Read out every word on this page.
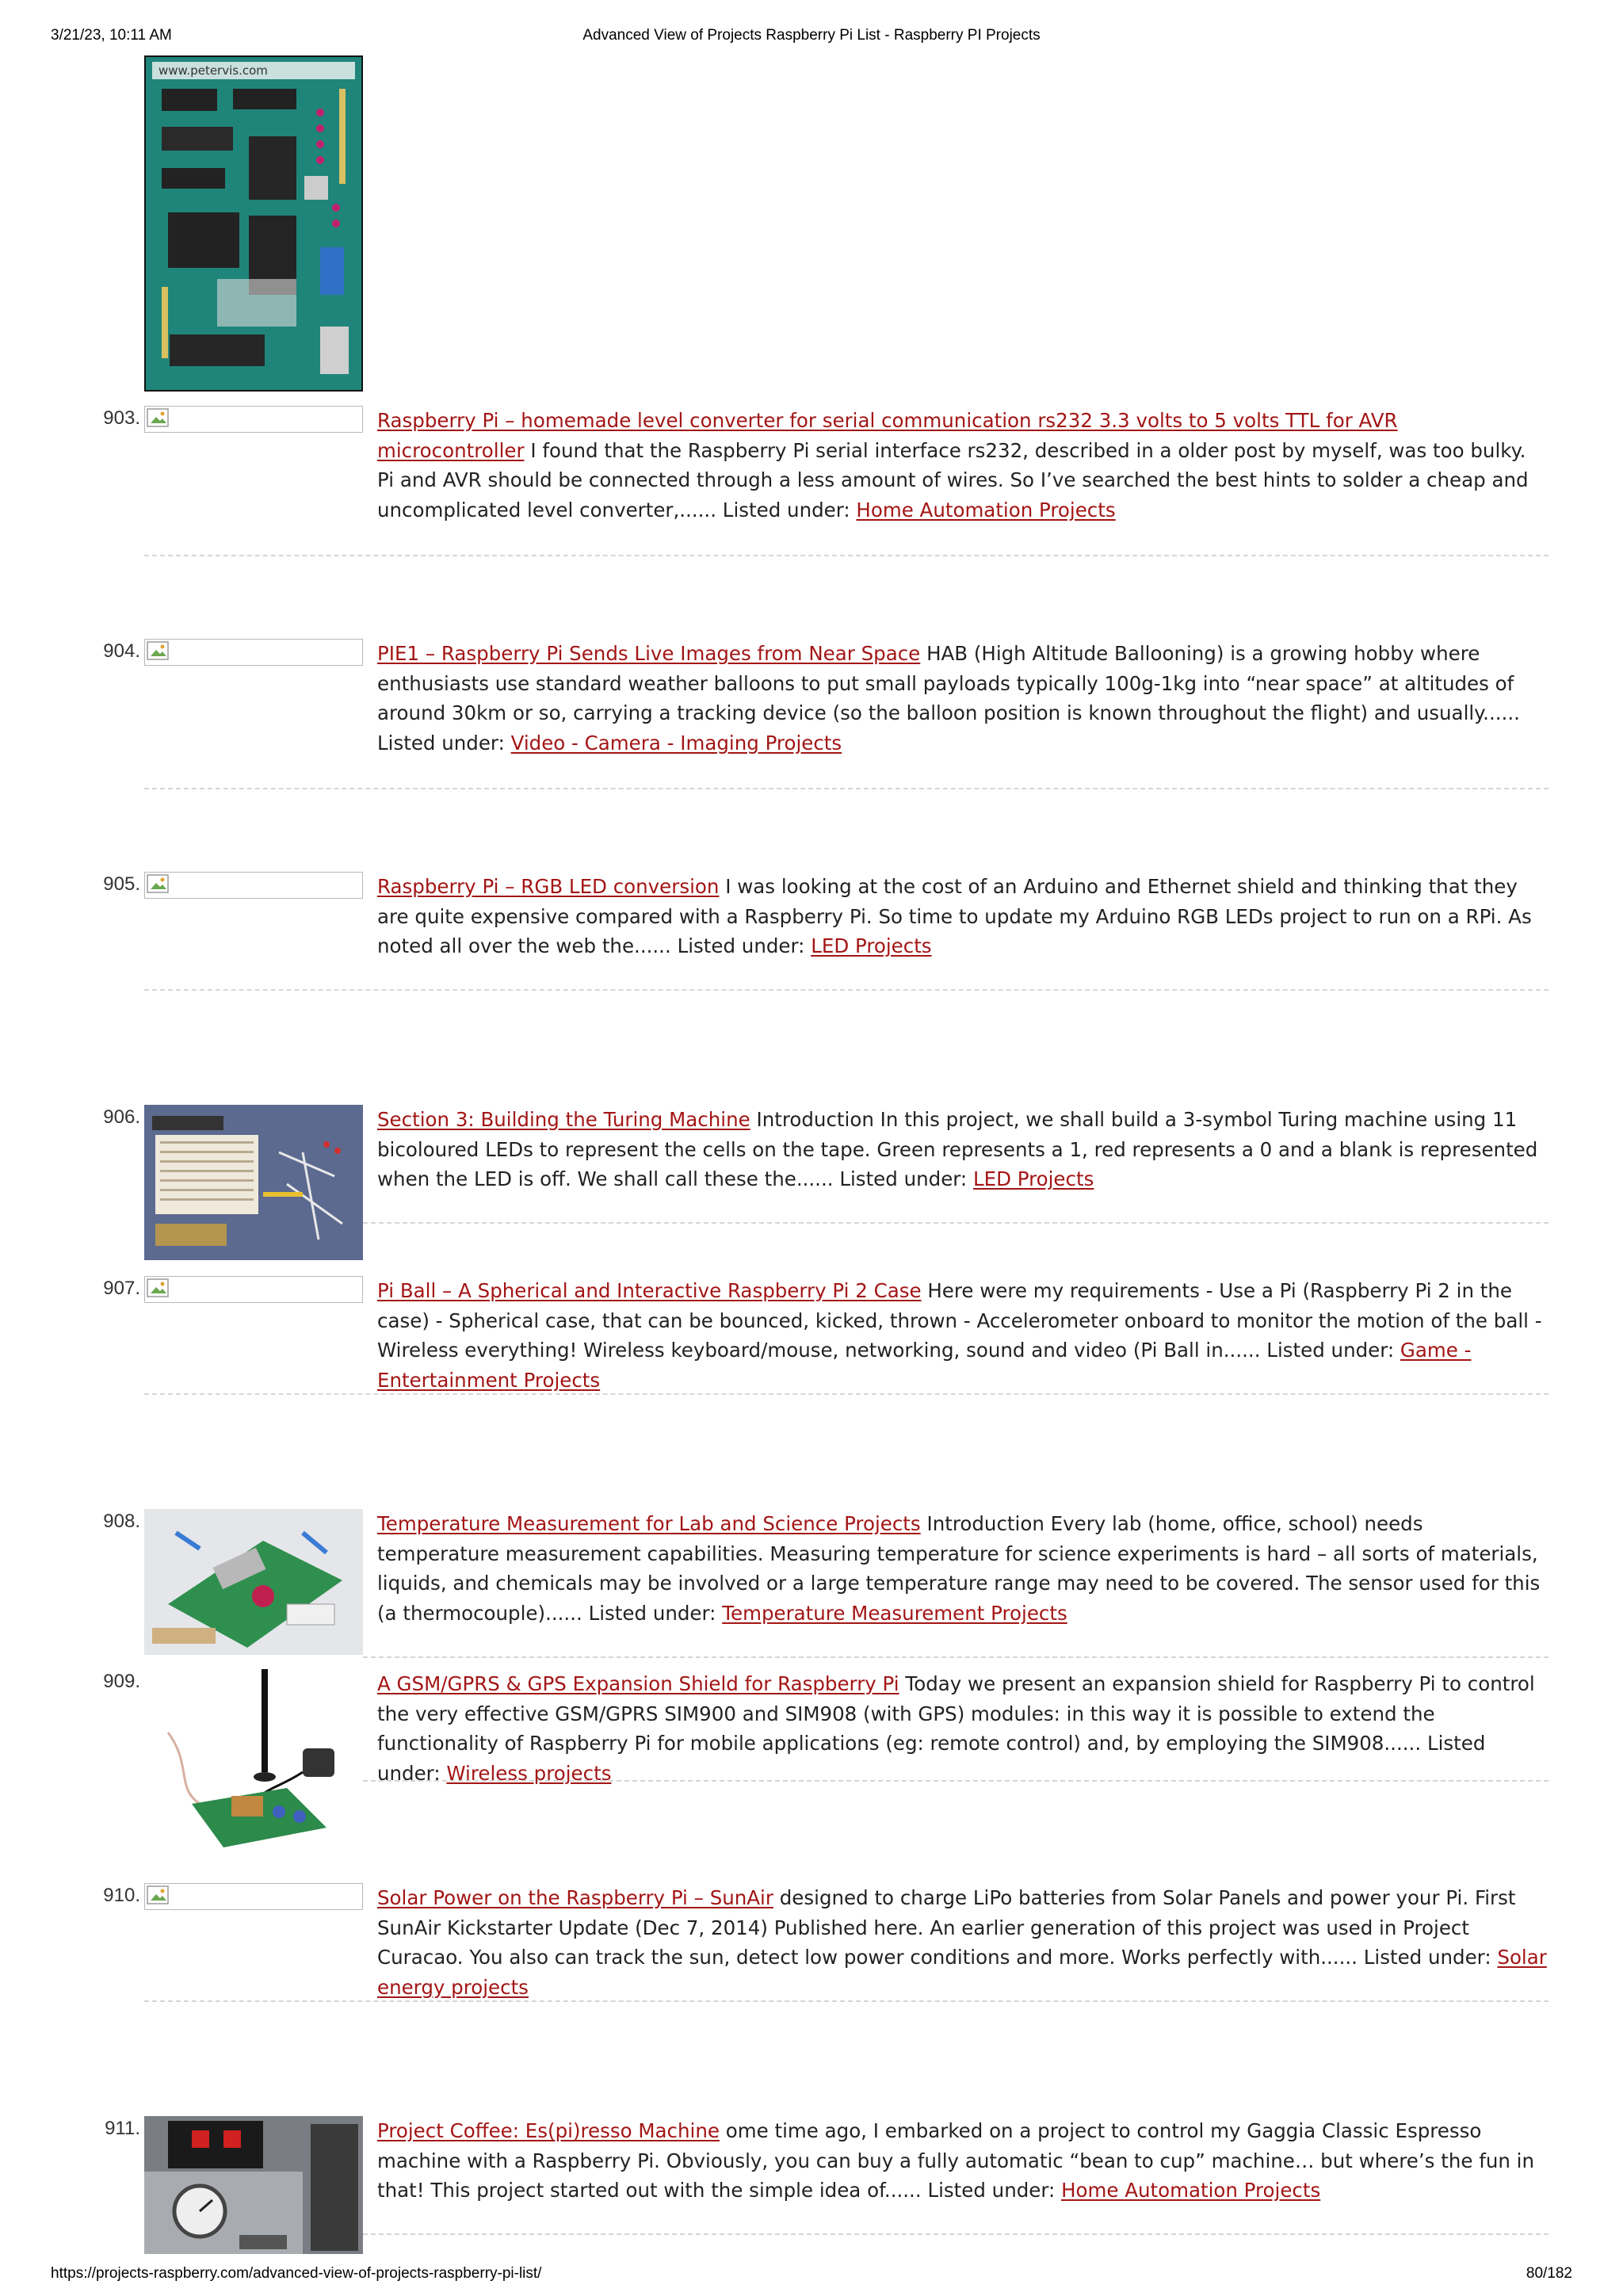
3/21/23, 10:11 AM	Advanced View of Projects Raspberry Pi List - Raspberry PI Projects
www.petervis.com
903.	Raspberry Pi – homemade level converter for serial communication rs232 3.3 volts to 5 volts TTL for AVR microcontroller I found that the Raspberry Pi serial interface rs232, described in a older post by myself, was too bulky. Pi and AVR should be connected through a less amount of wires. So I’ve searched the best hints to solder a cheap and uncomplicated level converter,...... Listed under: Home Automation Projects
904.	PIE1 – Raspberry Pi Sends Live Images from Near Space HAB (High Altitude Ballooning) is a growing hobby where enthusiasts use standard weather balloons to put small payloads typically 100g-1kg into “near space” at altitudes of around 30km or so, carrying a tracking device (so the balloon position is known throughout the flight) and usually...... Listed under: Video - Camera - Imaging Projects
905.	Raspberry Pi – RGB LED conversion I was looking at the cost of an Arduino and Ethernet shield and thinking that they are quite expensive compared with a Raspberry Pi. So time to update my Arduino RGB LEDs project to run on a RPi. As noted all over the web the...... Listed under: LED Projects
906.	Section 3: Building the Turing Machine Introduction In this project, we shall build a 3-symbol Turing machine using 11 bicoloured LEDs to represent the cells on the tape. Green represents a 1, red represents a 0 and a blank is represented when the LED is off. We shall call these the...... Listed under: LED Projects
907.	Pi Ball – A Spherical and Interactive Raspberry Pi 2 Case Here were my requirements - Use a Pi (Raspberry Pi 2 in the case) - Spherical case, that can be bounced, kicked, thrown - Accelerometer onboard to monitor the motion of the ball - Wireless everything! Wireless keyboard/mouse, networking, sound and video (Pi Ball in...... Listed under: Game - Entertainment Projects
908.	Temperature Measurement for Lab and Science Projects Introduction Every lab (home, office, school) needs temperature measurement capabilities. Measuring temperature for science experiments is hard – all sorts of materials, liquids, and chemicals may be involved or a large temperature range may need to be covered. The sensor used for this (a thermocouple)...... Listed under: Temperature Measurement Projects
909.	A GSM/GPRS & GPS Expansion Shield for Raspberry Pi Today we present an expansion shield for Raspberry Pi to control the very effective GSM/GPRS SIM900 and SIM908 (with GPS) modules: in this way it is possible to extend the functionality of Raspberry Pi for mobile applications (eg: remote control) and, by employing the SIM908...... Listed under: Wireless projects
910.	Solar Power on the Raspberry Pi – SunAir designed to charge LiPo batteries from Solar Panels and power your Pi. First SunAir Kickstarter Update (Dec 7, 2014) Published here. An earlier generation of this project was used in Project Curacao. You also can track the sun, detect low power conditions and more. Works perfectly with...... Listed under: Solar energy projects
911.	Project Coffee: Es(pi)resso Machine ome time ago, I embarked on a project to control my Gaggia Classic Espresso machine with a Raspberry Pi. Obviously, you can buy a fully automatic “bean to cup” machine… but where’s the fun in that! This project started out with the simple idea of...... Listed under: Home Automation Projects
https://projects-raspberry.com/advanced-view-of-projects-raspberry-pi-list/	80/182
